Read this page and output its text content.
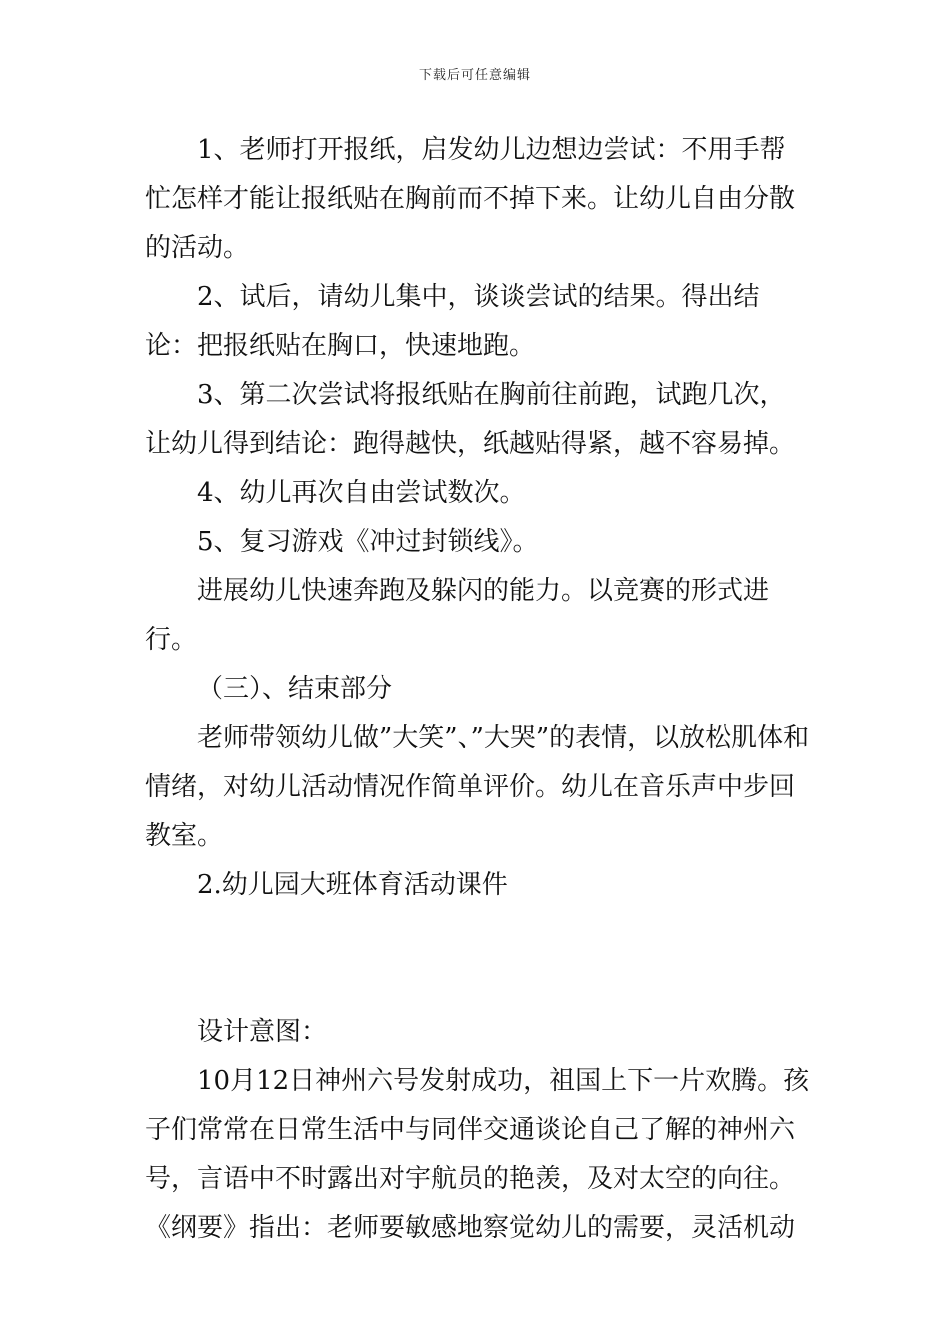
下载后可任意编辑

1、老师打开报纸，启发幼儿边想边尝试：不用手帮忙怎样才能让报纸贴在胸前而不掉下来。让幼儿自由分散的活动。

2、试后，请幼儿集中，谈谈尝试的结果。得出结论：把报纸贴在胸口，快速地跑。

3、第二次尝试将报纸贴在胸前往前跑，试跑几次，让幼儿得到结论：跑得越快，纸越贴得紧，越不容易掉。

4、幼儿再次自由尝试数次。

5、复习游戏《冲过封锁线》。

进展幼儿快速奔跑及躲闪的能力。以竞赛的形式进行。

（三）、结束部分

老师带领幼儿做”大笑”、”大哭”的表情，以放松肌体和情绪，对幼儿活动情况作简单评价。幼儿在音乐声中步回教室。

2.幼儿园大班体育活动课件

设计意图：

10月12日神州六号发射成功，祖国上下一片欢腾。孩子们常常在日常生活中与同伴交通谈论自己了解的神州六号，言语中不时露出对宇航员的艳羡，及对太空的向往。《纲要》指出：老师要敏感地察觉幼儿的需要，灵活机动
